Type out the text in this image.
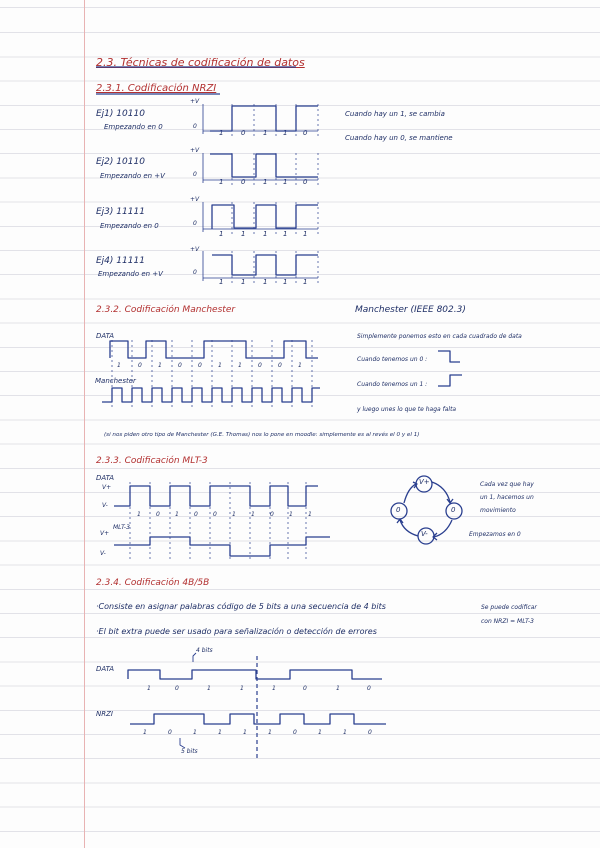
2.3. Técnicas de codificación de datos
2.3.1. Codificación NRZI
Ej1) 10110
Empezando en 0
Ej2) 10110
Empezando en +V
Ej3) 11111
Empezando en 0
Ej4) 11111
Empezando en +V
+V
0
+V
0
+V
0
+V
0
1	0	1 1 0
1	0	1 1 0
1	1	1 1 1
1	1	1 1 1
Cuando hay un 1, se cambia
Cuando hay un 0, se mantiene
2.3.2. Codificación Manchester	Manchester (IEEE 802.3)
DATA
Manchester
1	0	1	0	0	1	1	0	0	1
Simplemente ponemos esto en cada cuadrado de data
Cuando tenemos un 0 :
Cuando tenemos un 1 :
y luego unes lo que te haga falta
(si nos piden otro tipo de Manchester (G.E. Thomas) nos lo pone en moodle: simplemente es al revés el 0 y el 1)
2.3.3. Codificación MLT-3
DATA
V+
V-
V+
MLT-3
V-
1	0	1	0	0	1	1	0	1	1
V+
0	0
V-
Cada vez que hay
un 1, hacemos un
movimiento
Empezamos en 0
2.3.4. Codificación 4B/5B
·Consiste en asignar palabras código de 5 bits a una secuencia de 4 bits
·El bit extra puede ser usado para señalización o detección de errores
Se puede codificar
con NRZI = MLT-3
DATA
NRZI
4 bits
5 bits
1	0	1	1	1	0	1	0
1	0	1	1	1	1	0	1	1	0
